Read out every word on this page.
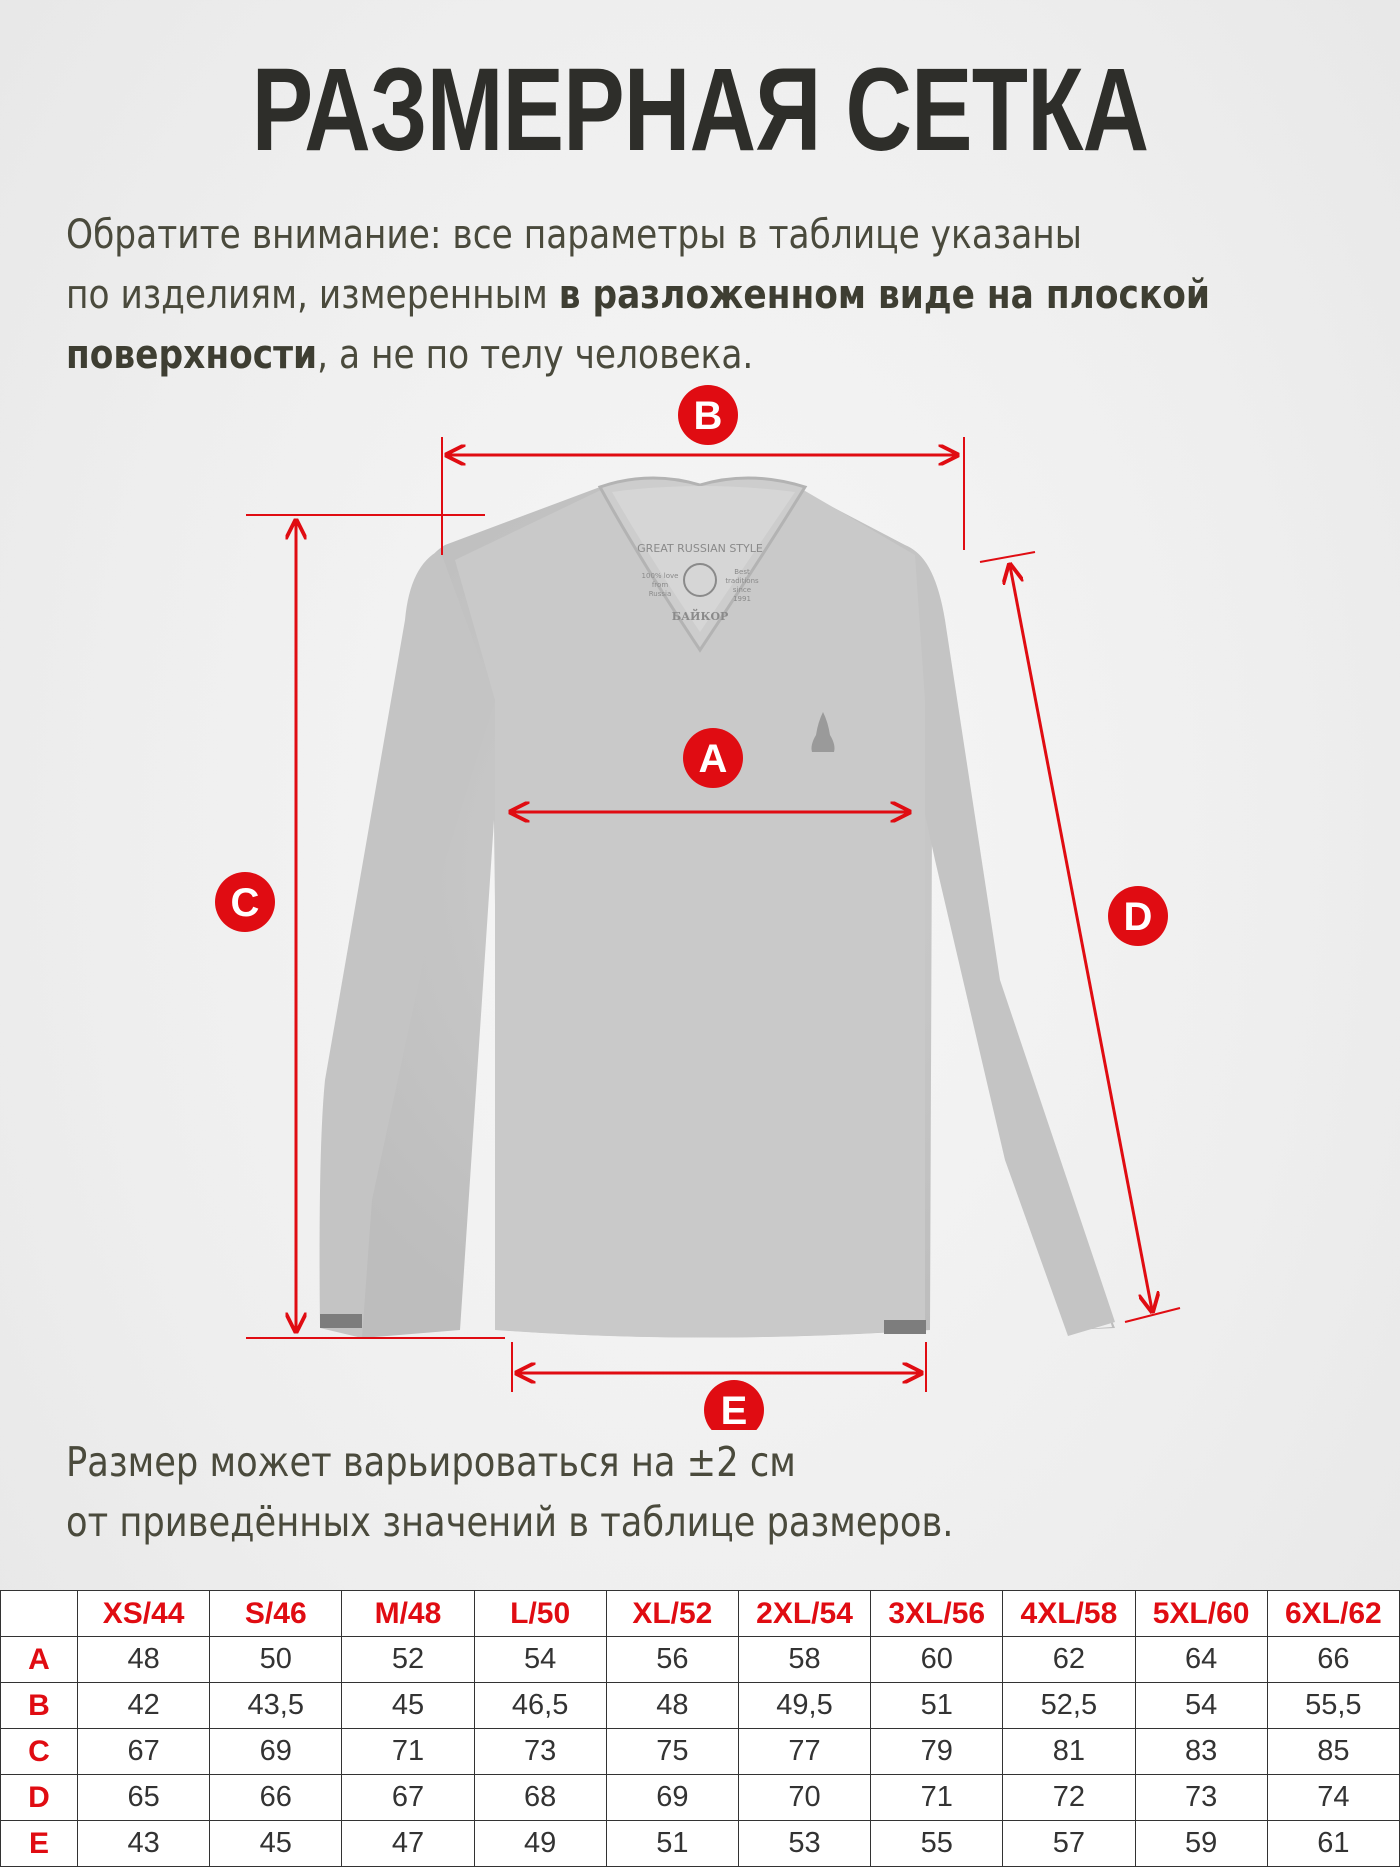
РАЗМЕРНАЯ СЕТКА
Обратите внимание: все параметры в таблице указаны
по изделиям, измеренным в разложенном виде на плоской
поверхности, а не по телу человека.
GREAT RUSSIAN STYLE
БАЙКОР
100% love from Russia
Best traditions since 1991
B
A
C	D
E
Размер может варьироваться на ±2 см
от приведённых значений в таблице размеров.
	XS/44	S/46	M/48	L/50	XL/52	2XL/54	3XL/56	4XL/58	5XL/60	6XL/62
A	48	50	52	54	56	58	60	62	64	66
B	42	43,5	45	46,5	48	49,5	51	52,5	54	55,5
C	67	69	71	73	75	77	79	81	83	85
D	65	66	67	68	69	70	71	72	73	74
E	43	45	47	49	51	53	55	57	59	61
